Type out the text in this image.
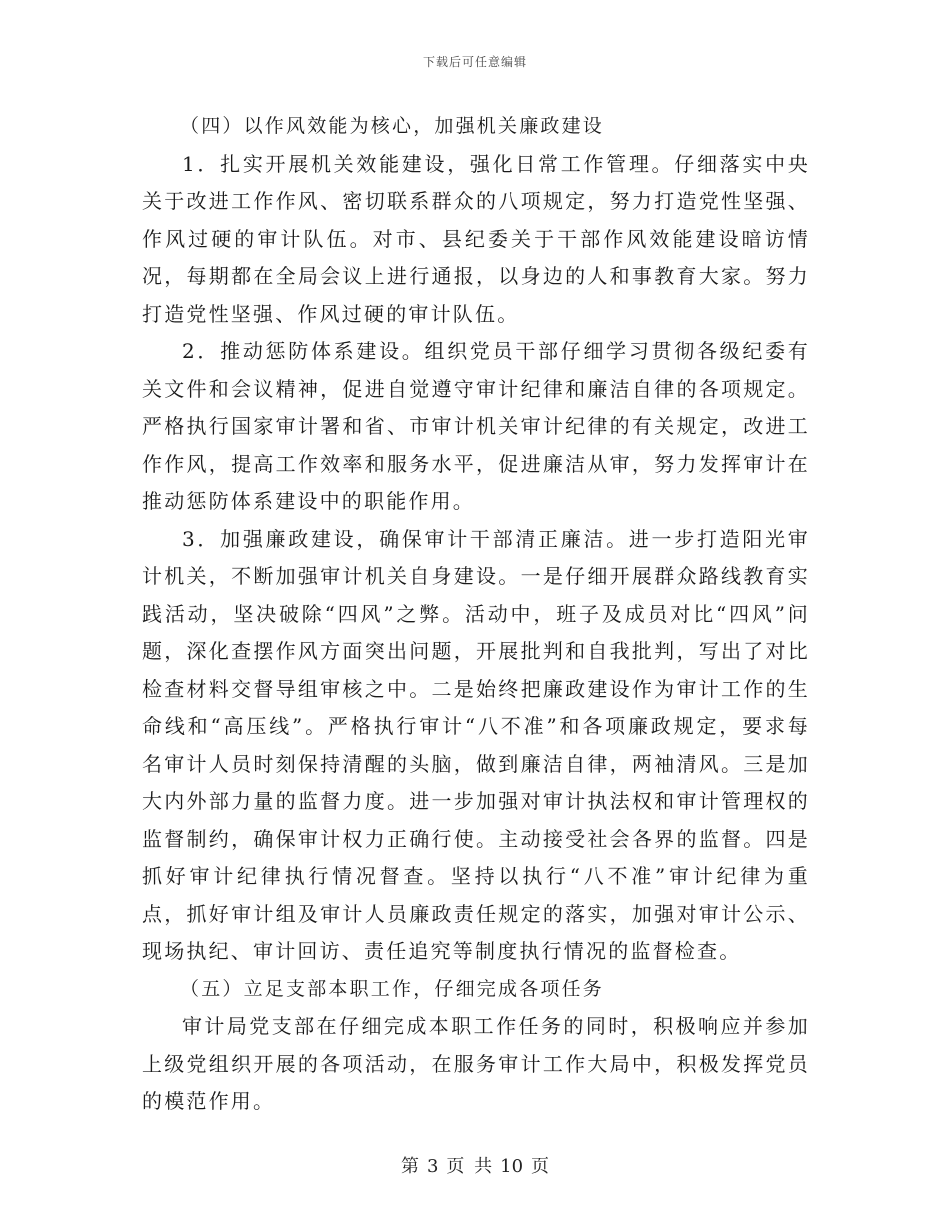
下载后可任意编辑

（四）以作风效能为核心，加强机关廉政建设

1．扎实开展机关效能建设，强化日常工作管理。仔细落实中央关于改进工作作风、密切联系群众的八项规定，努力打造党性坚强、作风过硬的审计队伍。对市、县纪委关于干部作风效能建设暗访情况，每期都在全局会议上进行通报，以身边的人和事教育大家。努力打造党性坚强、作风过硬的审计队伍。

2．推动惩防体系建设。组织党员干部仔细学习贯彻各级纪委有关文件和会议精神，促进自觉遵守审计纪律和廉洁自律的各项规定。严格执行国家审计署和省、市审计机关审计纪律的有关规定，改进工作作风，提高工作效率和服务水平，促进廉洁从审，努力发挥审计在推动惩防体系建设中的职能作用。

3．加强廉政建设，确保审计干部清正廉洁。进一步打造阳光审计机关，不断加强审计机关自身建设。一是仔细开展群众路线教育实践活动，坚决破除“四风”之弊。活动中，班子及成员对比“四风”问题，深化查摆作风方面突出问题，开展批判和自我批判，写出了对比检查材料交督导组审核之中。二是始终把廉政建设作为审计工作的生命线和“高压线”。严格执行审计“八不准”和各项廉政规定，要求每名审计人员时刻保持清醒的头脑，做到廉洁自律，两袖清风。三是加大内外部力量的监督力度。进一步加强对审计执法权和审计管理权的监督制约，确保审计权力正确行使。主动接受社会各界的监督。四是抓好审计纪律执行情况督查。坚持以执行“八不准”审计纪律为重点，抓好审计组及审计人员廉政责任规定的落实，加强对审计公示、现场执纪、审计回访、责任追究等制度执行情况的监督检查。

（五）立足支部本职工作，仔细完成各项任务

审计局党支部在仔细完成本职工作任务的同时，积极响应并参加上级党组织开展的各项活动，在服务审计工作大局中，积极发挥党员的模范作用。

第 3 页 共 10 页
